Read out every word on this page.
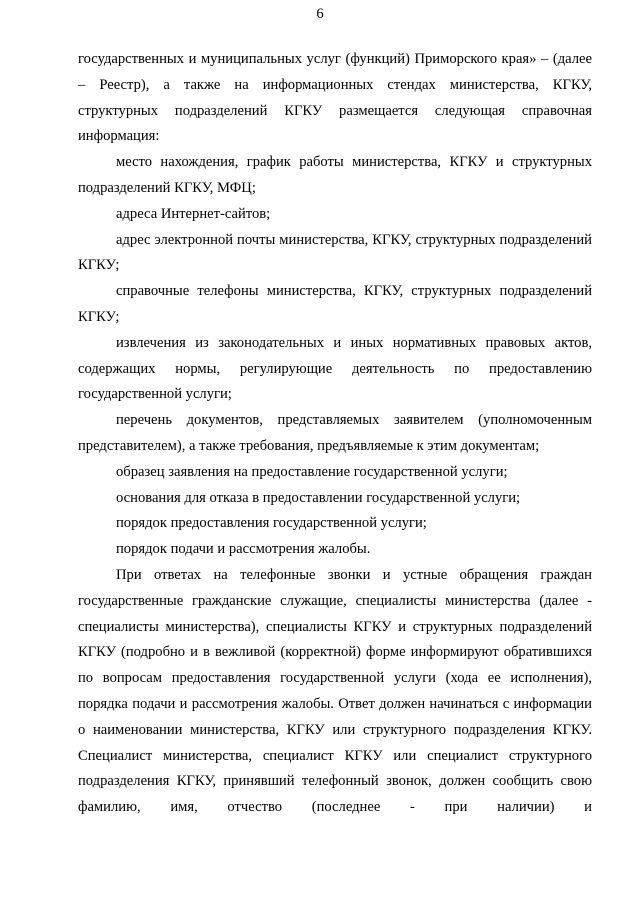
6

государственных и муниципальных услуг (функций) Приморского края» – (далее – Реестр), а также на информационных стендах министерства, КГКУ, структурных подразделений КГКУ размещается следующая справочная информация:

место нахождения, график работы министерства, КГКУ и структурных подразделений КГКУ, МФЦ;

адреса Интернет-сайтов;

адрес электронной почты министерства, КГКУ, структурных подразделений КГКУ;

справочные телефоны министерства, КГКУ, структурных подразделений КГКУ;

извлечения из законодательных и иных нормативных правовых актов, содержащих нормы, регулирующие деятельность по предоставлению государственной услуги;

перечень документов, представляемых заявителем (уполномоченным представителем), а также требования, предъявляемые к этим документам;

образец заявления на предоставление государственной услуги;

основания для отказа в предоставлении государственной услуги;

порядок предоставления государственной услуги;

порядок подачи и рассмотрения жалобы.

При ответах на телефонные звонки и устные обращения граждан государственные гражданские служащие, специалисты министерства (далее - специалисты министерства), специалисты КГКУ и структурных подразделений КГКУ (подробно и в вежливой (корректной) форме информируют обратившихся по вопросам предоставления государственной услуги (хода ее исполнения), порядка подачи и рассмотрения жалобы. Ответ должен начинаться с информации о наименовании министерства, КГКУ или структурного подразделения КГКУ. Специалист министерства, специалист КГКУ или специалист структурного подразделения КГКУ, принявший телефонный звонок, должен сообщить свою фамилию, имя, отчество (последнее - при наличии) и
